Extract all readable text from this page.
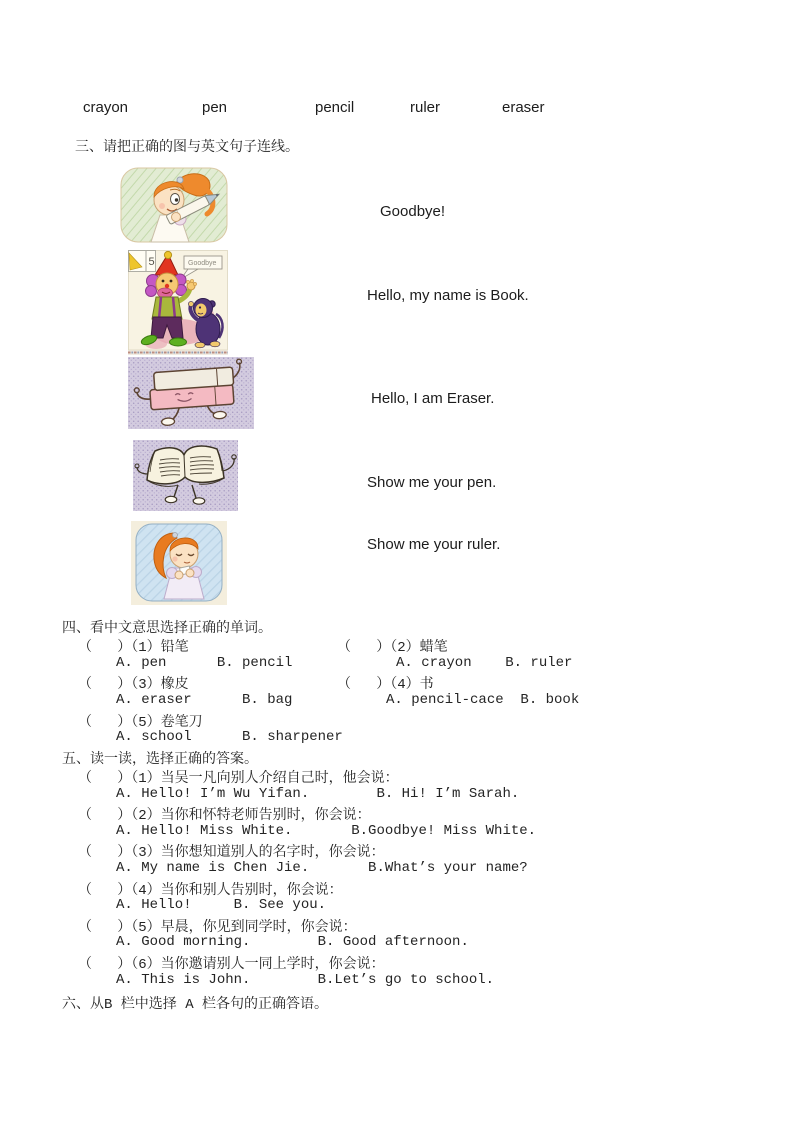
crayon	pen	pencil	ruler	eraser
三、请把正确的图与英文句子连线。
Goodbye!
5	Goodbye
Hello, my name is Book.
Hello, I am Eraser.
Show me your pen.
Show me your ruler.
四、看中文意思选择正确的单词。
（   ）（1）铅笔	（   ）（2）蜡笔
A. pen      B. pencil	A. crayon    B. ruler
（   ）（3）橡皮	（   ）（4）书
A. eraser      B. bag	A. pencil-cace  B. book
（   ）（5）卷笔刀
A. school      B. sharpener
五、读一读，选择正确的答案。
（   ）（1）当吴一凡向别人介绍自己时，他会说：
A. Hello! I’m Wu Yifan.        B. Hi! I’m Sarah.
（   ）（2）当你和怀特老师告别时，你会说：
A. Hello! Miss White.       B.Goodbye! Miss White.
（   ）（3）当你想知道别人的名字时，你会说：
A. My name is Chen Jie.       B.What’s your name?
（   ）（4）当你和别人告别时，你会说：
A. Hello!     B. See you.
（   ）（5）早晨，你见到同学时，你会说：
A. Good morning.        B. Good afternoon.
（   ）（6）当你邀请别人一同上学时，你会说：
A. This is John.        B.Let’s go to school.
六、从B 栏中选择 A 栏各句的正确答语。
